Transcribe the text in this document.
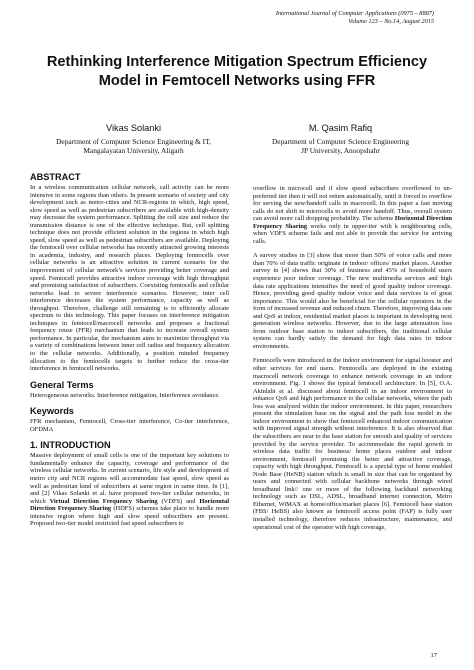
International Journal of Computer Applications (0975 – 8887)
Volume 123 – No.14, August 2015
Rethinking Interference Mitigation Spectrum Efficiency
Model in Femtocell Networks using FFR
Vikas Solanki
Department of Computer Science Engineering & IT,
Mangalayatan University, Aligarh
M. Qasim Rafiq
Department of Computer Science Engineering
JP University, Anoopshahr
ABSTRACT

In a wireless communication cellular network, call activity can be more intensive in some regions than others. In present scenario of society and city development such as metro-cities and NCR-regions in which, high speed, slow speed as well as pedestrian subscribers are available with high-density may decrease the system performance. Splitting the cell size and reduce the transmission distance is one of the effective technique. But, cell splitting technique does not provide efficient solution in the regions in which high speed, slow speed as well as pedestrian subscribers are available. Deploying the femtocell over cellular networks has recently attracted growing interests in academia, industry, and research places. Deploying femtocells over cellular networks is an attractive solution in current scenario for the improvement of cellular network’s services providing better coverage and speed. Femtocell provides attractive indoor coverage with high throughput and promising satisfaction of subscribers. Coexisting femtocells and cellular networks lead to severe interference scenarios. However, inter cell interference decreases the system performance, capacity as well as throughput. Therefore, challenge still remaining is to efficiently allocate spectrum to this technology. This paper focuses on interference mitigation techniques in femtocell/macrocell networks and proposes a fractional frequency reuse (FFR) mechanism that leads to increase overall system performance. In particular, the mechanism aims to maximize throughput via a variety of combinations between inner cell radius and frequency allocation to the cellular networks. Additionally, a position minded frequency allocation to the femtocells targets to further reduce the cross-tier interference in femtocell networks.

General Terms

Heterogeneous networks. Interference mitigation, Interference avoidance.

Keywords

FFR mechanism, Femtocell, Cross-tier interference, Co-tier interference, OFDMA

1. INTRODUCTION

Massive deployment of small cells is one of the important key solutions to fundamentally enhance the capacity, coverage and performance of the wireless cellular networks. In current scenario, life style and development of metro city and NCR regions will accommodate fast speed, slow speed as well as pedestrian kind of subscribers at same region in same time. In [1], and [2] Vikas Solanki et al. have proposed two-tier cellular networks, in which Virtual Direction Frequency Sharing (VDFS) and Horizontal Direction Frequency Sharing (HDFS) schemes take place to handle more intensive region where high and slow speed subscribers are present. Proposed two-tier model restricted fast speed subscribers to

overflow in microcell and if slow speed subscribers overflowed to un-preferred tier then it will not return automatically, until it forced to overflow for serving the new/handoff calls in macrocell. In this paper a fast moving calls do not shift to microcells to avoid more handoff. Thus, overall system can avoid more call dropping probability. The scheme Horizontal Direction Frequency Sharing works only in upper-tier with k neighbouring cells, when VDFS scheme fails and not able to provide the service for arriving calls.

A survey studies in [3] show that more than 50% of voice calls and more than 70% of data traffic originate in indoor/ offices/ market places. Another survey in [4] shows that 30% of business and 45% of household users experience poor indoor coverage. The new multimedia services and high data rate applications intensifies the need of good quality indoor coverage. Hence, providing good quality indoor voice and data services is of great importance. This would also be beneficial for the cellular operators in the form of increased revenue and reduced churn. Therefore, improving data rate and QoS at indoor, residential market places is important in developing next generation wireless networks. However, due to the large attenuation loss from outdoor base station to indoor subscribers, the traditional cellular system can hardly satisfy the demand for high data rates in indoor environments.

Femtocells were introduced in the indoor environment for signal booster and other services for end users. Femtocells are deployed in the existing macrocell network coverage to enhance network coverage in an indoor environment. Fig. 1 shows the typical femtocell architecture. In [5], O.A. Akinlabi et al. discussed about femtocell in an indoor environment to enhance QoS and high performance to the cellular networks, where the path loss was analyzed within the indoor environment. In this paper, researchers present the simulation base on the signal and the path loss model in the indoor environment to show that femtocell enhanced indoor communication with improved signal strength without interference. It is also observed that the subscribers are near to the base station for smooth and quality of services provided by the service provider. To accommodate the rapid growth in wireless data traffic for business/ home places outdoor and indoor environment, femtocell promising the better and attractive coverage, capacity with high throughput. Femtocell is a special type of home enabled Node Base (HeNB) station which is small in size that can be organised by users and connected with cellular backbone networks through wired broadband link// one or more of the following backhaul networking technology such as DSL, ADSL, broadband internet connection, Metro Ethernet, WiMAX at home/office/market places [6]. Femtocell base station (FBS/ HeBS) also known as femtocell access point (FAP) is fully user installed technology, therefore reduces infrastructure, maintenance, and operational cost of the operator with high coverage,

17
